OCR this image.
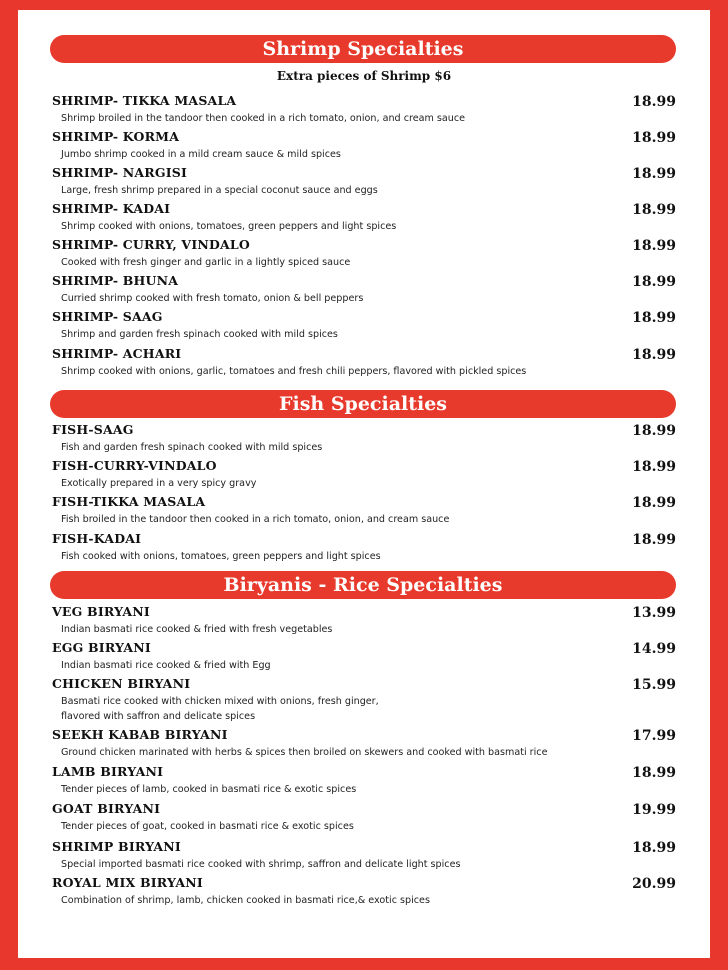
Shrimp Specialties
Extra pieces of Shrimp $6
SHRIMP- TIKKA MASALA
Shrimp broiled in the tandoor then cooked in a rich tomato, onion, and cream sauce
18.99
SHRIMP- KORMA
Jumbo shrimp cooked in a mild cream sauce & mild spices
18.99
SHRIMP- NARGISI
Large, fresh shrimp prepared in a special coconut sauce and eggs
18.99
SHRIMP- KADAI
Shrimp cooked with onions, tomatoes, green peppers and light spices
18.99
SHRIMP- CURRY, VINDALO
Cooked with fresh ginger and garlic in a lightly spiced sauce
18.99
SHRIMP- BHUNA
Curried shrimp cooked with fresh tomato, onion & bell peppers
18.99
SHRIMP- SAAG
Shrimp and garden fresh spinach cooked with mild spices
18.99
SHRIMP- ACHARI
Shrimp cooked with onions, garlic, tomatoes and fresh chili peppers, flavored with pickled spices
18.99
Fish Specialties
FISH-SAAG
Fish and garden fresh spinach cooked with mild spices
18.99
FISH-CURRY-VINDALO
Exotically prepared in a very spicy gravy
18.99
FISH-TIKKA MASALA
Fish broiled in the tandoor then cooked in a rich tomato, onion, and cream sauce
18.99
FISH-KADAI
Fish cooked with onions, tomatoes, green peppers and light spices
18.99
Biryanis - Rice Specialties
VEG BIRYANI
Indian basmati rice cooked & fried with fresh vegetables
13.99
EGG BIRYANI
Indian basmati rice cooked & fried with Egg
14.99
CHICKEN BIRYANI
Basmati rice cooked with chicken mixed with onions, fresh ginger,
flavored with saffron and delicate spices
15.99
SEEKH KABAB BIRYANI
Ground chicken marinated with herbs & spices then broiled on skewers and cooked with basmati rice
17.99
LAMB BIRYANI
Tender pieces of lamb, cooked in basmati rice & exotic spices
18.99
GOAT BIRYANI
Tender pieces of goat, cooked in basmati rice & exotic spices
19.99
SHRIMP BIRYANI
Special imported basmati rice cooked with shrimp, saffron and delicate light spices
18.99
ROYAL MIX BIRYANI
Combination of shrimp, lamb, chicken cooked in basmati rice,& exotic spices
20.99
